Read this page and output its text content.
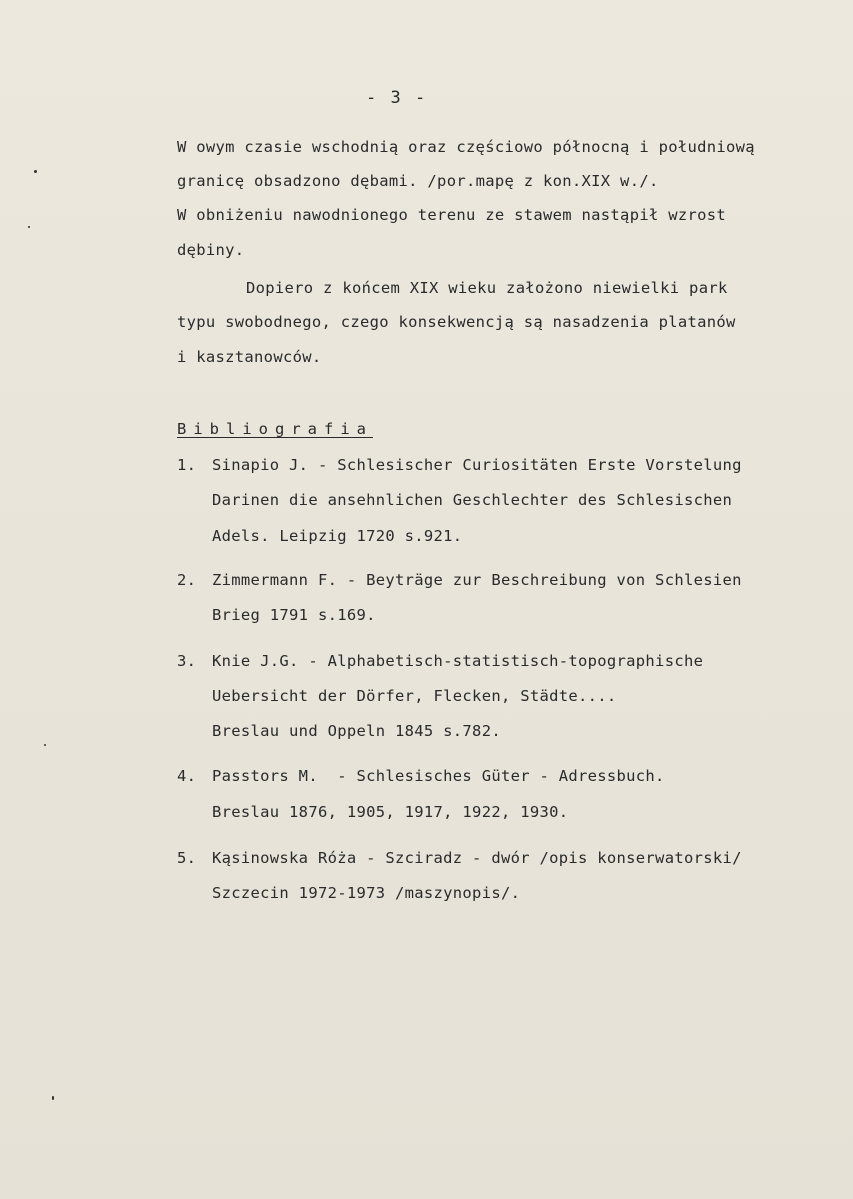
- 3 -
W owym czasie wschodnią oraz częściowo północną i południową
granicę obsadzono dębami. /por.mapę z kon.XIX w./.
W obniżeniu nawodnionego terenu ze stawem nastąpił wzrost
dębiny.
Dopiero z końcem XIX wieku założono niewielki park
typu swobodnego, czego konsekwencją są nasadzenia platanów
i kasztanowców.
Bibliografia
1. Sinapio J. - Schlesischer Curiositäten Erste Vorstelung
Darinen die ansehnlichen Geschlechter des Schlesischen
Adels. Leipzig 1720 s.921.
2. Zimmermann F. - Beyträge zur Beschreibung von Schlesien
Brieg 1791 s.169.
3. Knie J.G. - Alphabetisch-statistisch-topographische
Uebersicht der Dörfer, Flecken, Städte....
Breslau und Oppeln 1845 s.782.
4. Passtors M.  - Schlesisches Güter - Adressbuch.
Breslau 1876, 1905, 1917, 1922, 1930.
5. Kąsinowska Róża - Szciradz - dwór /opis konserwatorski/
Szczecin 1972-1973 /maszynopis/.
